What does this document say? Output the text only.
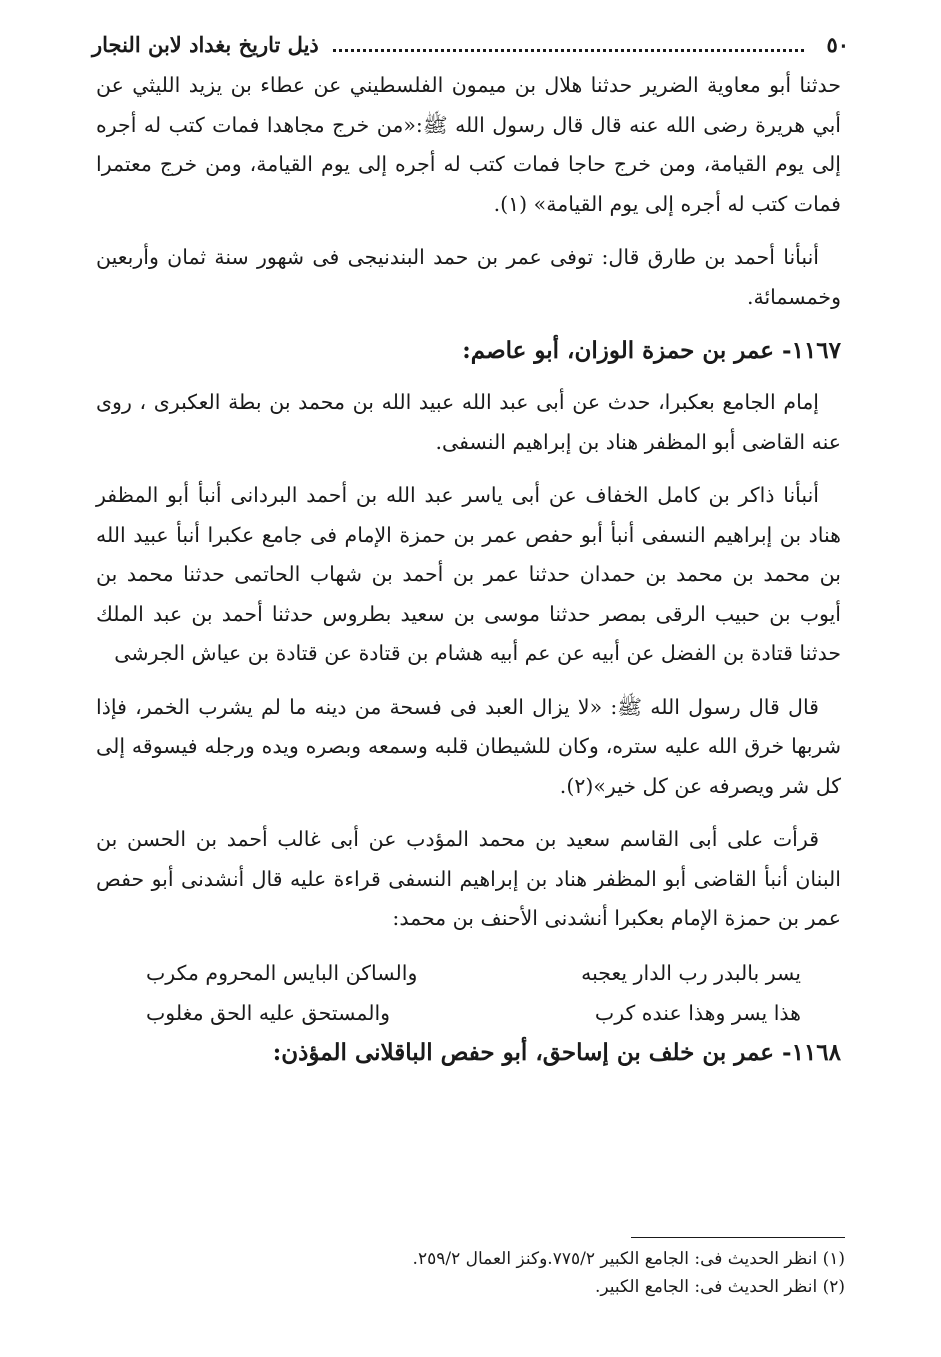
٥٠
ذيل تاريخ بغداد لابن النجار

حدثنا أبو معاوية الضرير حدثنا هلال بن ميمون الفلسطيني عن عطاء بن يزيد الليثي عن أبي هريرة رضى الله عنه قال قال رسول الله ﷺ:«من خرج مجاهدا فمات كتب له أجره إلى يوم القيامة، ومن خرج حاجا فمات كتب له أجره إلى يوم القيامة، ومن خرج معتمرا فمات كتب له أجره إلى يوم القيامة» (١).

أنبأنا أحمد بن طارق قال: توفى عمر بن حمد البندنيجى فى شهور سنة ثمان وأربعين وخمسمائة.

١١٦٧- عمر بن حمزة الوزان، أبو عاصم:

إمام الجامع بعكبرا، حدث عن أبى عبد الله عبيد الله بن محمد بن بطة العكبرى ، روى عنه القاضى أبو المظفر هناد بن إبراهيم النسفى.

أنبأنا ذاكر بن كامل الخفاف عن أبى ياسر عبد الله بن أحمد البردانى أنبأ أبو المظفر هناد بن إبراهيم النسفى أنبأ أبو حفص عمر بن حمزة الإمام فى جامع عكبرا أنبأ عبيد الله بن محمد بن محمد بن حمدان حدثنا عمر بن أحمد بن شهاب الحاتمى حدثنا محمد بن أيوب بن حبيب الرقى بمصر حدثنا موسى بن سعيد بطروس حدثنا أحمد بن عبد الملك حدثنا قتادة بن الفضل عن أبيه عن عم أبيه هشام بن قتادة عن قتادة بن عياش الجرشى

قال قال رسول الله ﷺ: «لا يزال العبد فى فسحة من دينه ما لم يشرب الخمر، فإذا شربها خرق الله عليه ستره، وكان للشيطان قلبه وسمعه وبصره ويده ورجله فيسوقه إلى كل شر ويصرفه عن كل خير»(٢).

قرأت على أبى القاسم سعيد بن محمد المؤدب عن أبى غالب أحمد بن الحسن بن البنان أنبأ القاضى أبو المظفر هناد بن إبراهيم النسفى قراءة عليه قال أنشدنى أبو حفص عمر بن حمزة الإمام بعكبرا أنشدنى الأحنف بن محمد:

يسر بالبدر رب الدار يعجبه
والساكن البايس المحروم مكرب
هذا يسر وهذا عنده كرب
والمستحق عليه الحق مغلوب
١١٦٨- عمر بن خلف بن إساحق، أبو حفص الباقلانى المؤذن:
(١) انظر الحديث فى: الجامع الكبير ٧٧٥/٢.وكنز العمال ٢٥٩/٢.
(٢) انظر الحديث فى: الجامع الكبير.
